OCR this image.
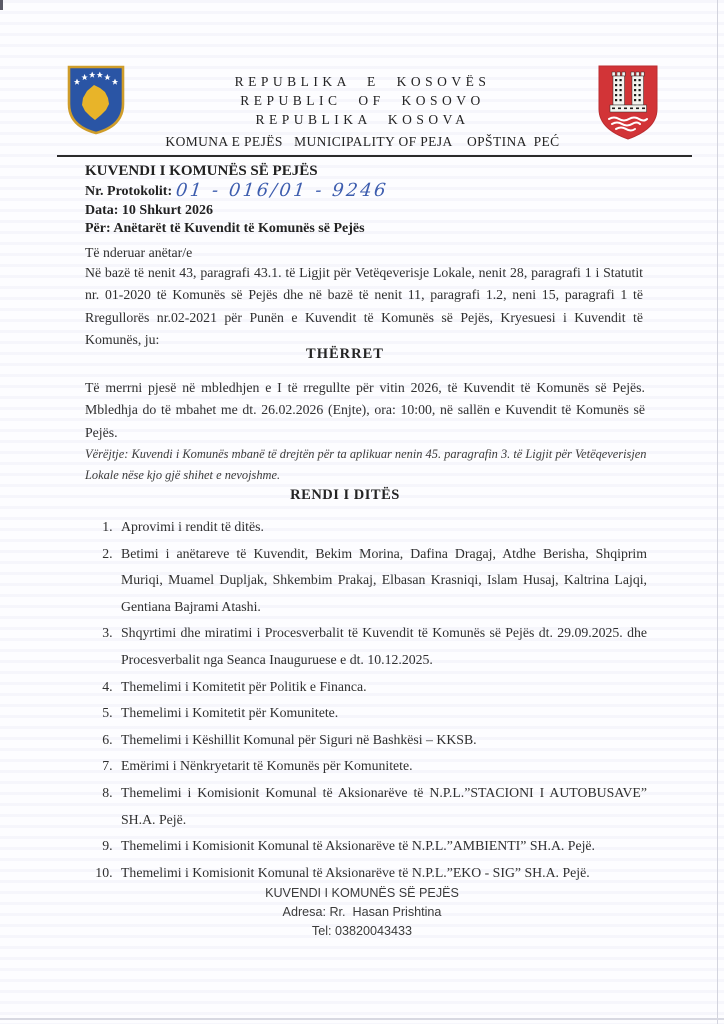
REPUBLIKA E KOSOVËS
REPUBLIC OF KOSOVO
REPUBLIKA KOSOVA
KOMUNA E PEJËS   MUNICIPALITY OF PEJA    OPŠTINA  PEĆ
KUVENDI I KOMUNËS SË PEJËS
Nr. Protokolit: 01 - 016/01 - 9246
Data: 10 Shkurt 2026
Për: Anëtarët të Kuvendit të Komunës së Pejës
Të nderuar anëtar/e
Në bazë të nenit 43, paragrafi 43.1. të Ligjit për Vetëqeverisje Lokale, nenit 28, paragrafi 1 i Statutit nr. 01-2020 të Komunës së Pejës dhe në bazë të nenit 11, paragrafi 1.2, neni 15, paragrafi 1 të Rregullorës nr.02-2021 për Punën e Kuvendit të Komunës së Pejës, Kryesuesi i Kuvendit të Komunës, ju:
THËRRET
Të merrni pjesë në mbledhjen e I të rregullte për vitin 2026, të Kuvendit të Komunës së Pejës. Mbledhja do të mbahet me dt. 26.02.2026 (Enjte), ora: 10:00, në sallën e Kuvendit të Komunës së Pejës.
Vërëjtje: Kuvendi i Komunës mbanë të drejtën për ta aplikuar nenin 45. paragrafin 3. të Ligjit për Vetëqeverisjen Lokale nëse kjo gjë shihet e nevojshme.
RENDI I DITËS
1. Aprovimi i rendit të ditës.
2. Betimi i anëtareve të Kuvendit, Bekim Morina, Dafina Dragaj, Atdhe Berisha, Shqiprim Muriqi, Muamel Dupljak, Shkembim Prakaj, Elbasan Krasniqi, Islam Husaj, Kaltrina Lajqi, Gentiana Bajrami Atashi.
3. Shqyrtimi dhe miratimi i Procesverbalit të Kuvendit të Komunës së Pejës dt. 29.09.2025. dhe Procesverbalit nga Seanca Inauguruese e dt. 10.12.2025.
4. Themelimi i Komitetit për Politik e Financa.
5. Themelimi i Komitetit për Komunitete.
6. Themelimi i Këshillit Komunal për Siguri në Bashkësi – KKSB.
7. Emërimi i Nënkryetarit të Komunës për Komunitete.
8. Themelimi i Komisionit Komunal të Aksionarëve të N.P.L.”STACIONI I AUTOBUSAVE” SH.A. Pejë.
9. Themelimi i Komisionit Komunal të Aksionarëve të N.P.L.”AMBIENTI” SH.A. Pejë.
10. Themelimi i Komisionit Komunal të Aksionarëve të N.P.L.”EKO - SIG” SH.A. Pejë.
KUVENDI I KOMUNËS SË PEJËS
Adresa: Rr.  Hasan Prishtina
Tel: 03820043433
